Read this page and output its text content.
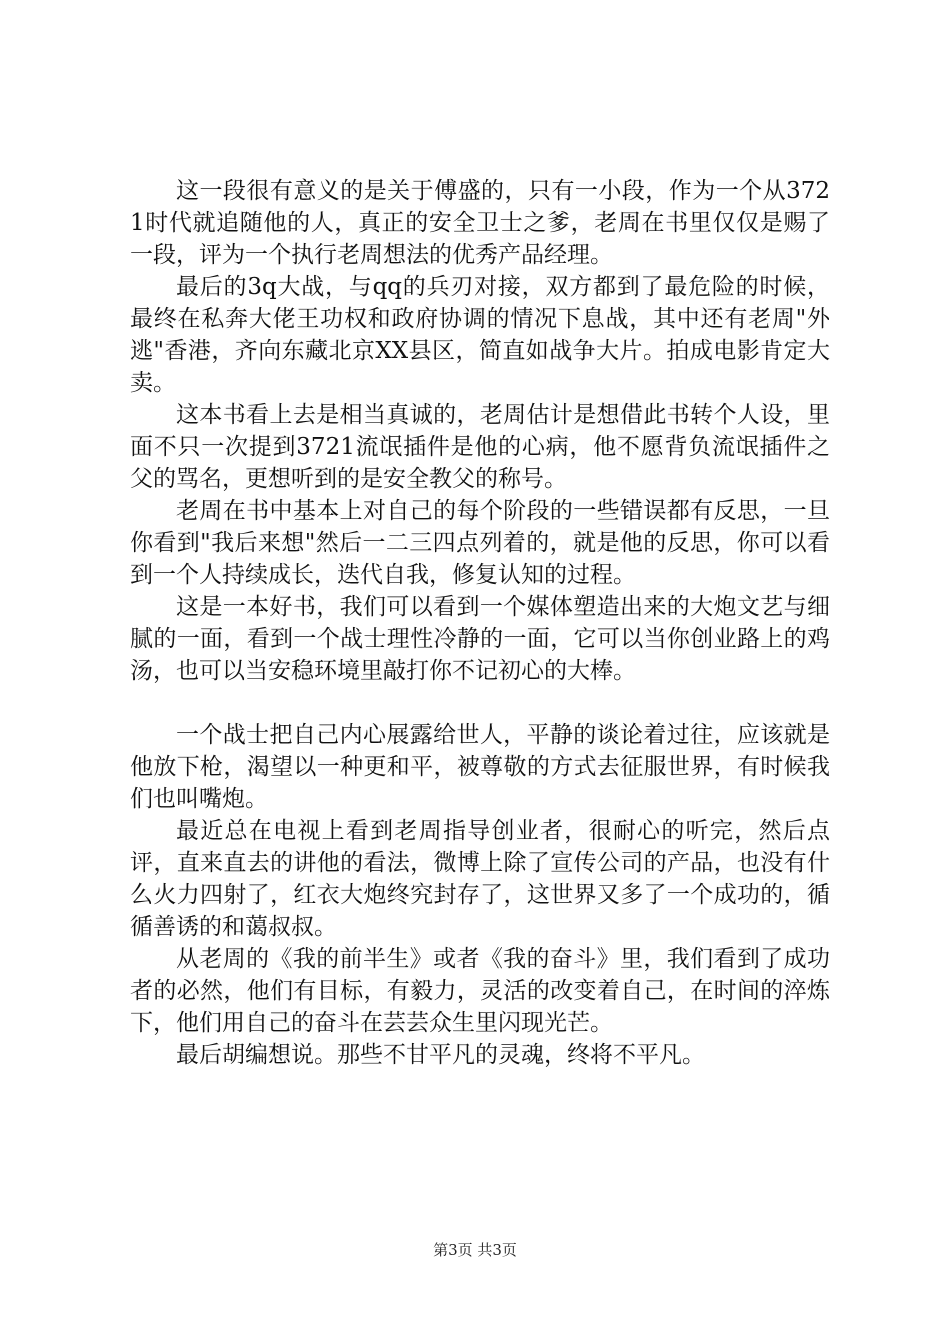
这一段很有意义的是关于傅盛的，只有一小段，作为一个从3721时代就追随他的人，真正的安全卫士之爹，老周在书里仅仅是赐了一段，评为一个执行老周想法的优秀产品经理。

最后的3q大战，与qq的兵刃对接，双方都到了最危险的时候，最终在私奔大佬王功权和政府协调的情况下息战，其中还有老周"外逃"香港，齐向东藏北京XX县区，简直如战争大片。拍成电影肯定大卖。

这本书看上去是相当真诚的，老周估计是想借此书转个人设，里面不只一次提到3721流氓插件是他的心病，他不愿背负流氓插件之父的骂名，更想听到的是安全教父的称号。

老周在书中基本上对自己的每个阶段的一些错误都有反思，一旦你看到"我后来想"然后一二三四点列着的，就是他的反思，你可以看到一个人持续成长，迭代自我，修复认知的过程。

这是一本好书，我们可以看到一个媒体塑造出来的大炮文艺与细腻的一面，看到一个战士理性冷静的一面，它可以当你创业路上的鸡汤，也可以当安稳环境里敲打你不记初心的大棒。

一个战士把自己内心展露给世人，平静的谈论着过往，应该就是他放下枪，渴望以一种更和平，被尊敬的方式去征服世界，有时候我们也叫嘴炮。

最近总在电视上看到老周指导创业者，很耐心的听完，然后点评，直来直去的讲他的看法，微博上除了宣传公司的产品，也没有什么火力四射了，红衣大炮终究封存了，这世界又多了一个成功的，循循善诱的和蔼叔叔。

从老周的《我的前半生》或者《我的奋斗》里，我们看到了成功者的必然，他们有目标，有毅力，灵活的改变着自己，在时间的淬炼下，他们用自己的奋斗在芸芸众生里闪现光芒。

最后胡编想说。那些不甘平凡的灵魂，终将不平凡。

第3页 共3页
